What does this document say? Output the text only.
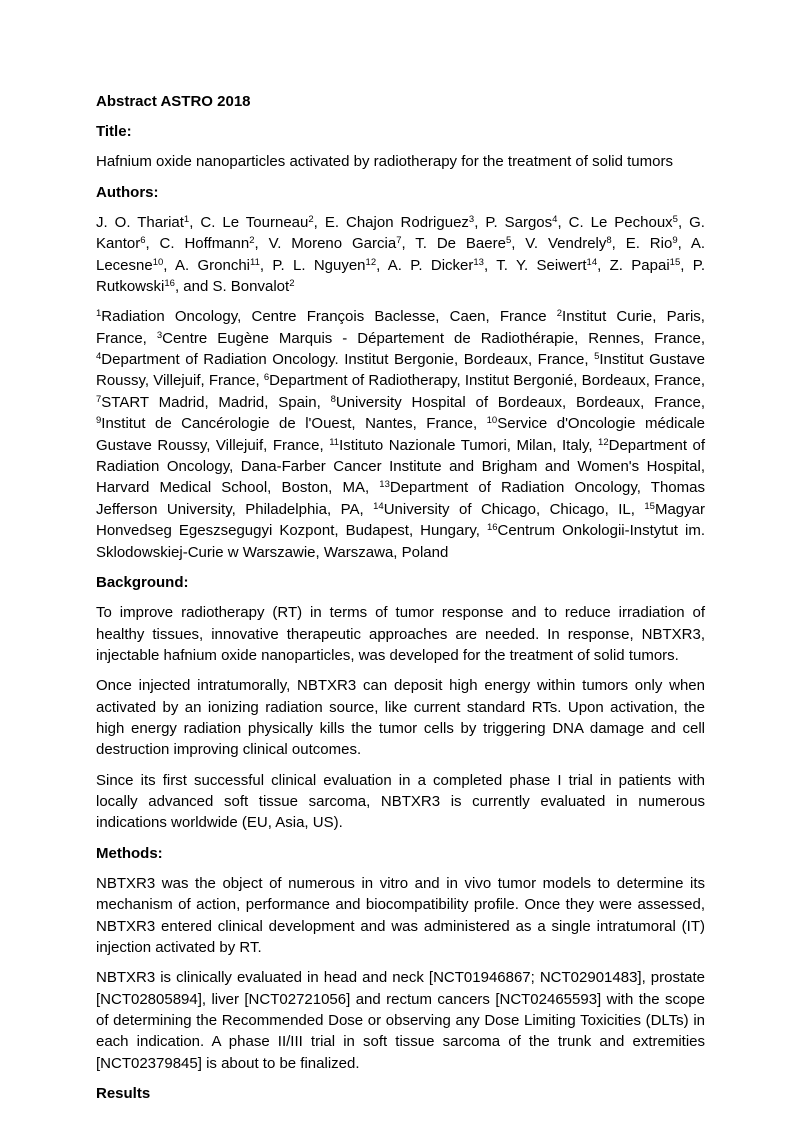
Abstract ASTRO 2018
Title:
Hafnium oxide nanoparticles activated by radiotherapy for the treatment of solid tumors
Authors:
J. O. Thariat$^1$, C. Le Tourneau$^2$, E. Chajon Rodriguez$^3$, P. Sargos$^4$, C. Le Pechoux$^5$, G. Kantor$^6$, C. Hoffmann$^2$, V. Moreno Garcia$^7$, T. De Baere$^5$, V. Vendrely$^8$, E. Rio$^9$, A. Lecesne$^{10}$, A. Gronchi$^{11}$, P. L. Nguyen$^{12}$, A. P. Dicker$^{13}$, T. Y. Seiwert$^{14}$, Z. Papai$^{15}$, P. Rutkowski$^{16}$, and S. Bonvalot$^2$
$^1$Radiation Oncology, Centre François Baclesse, Caen, France $^2$Institut Curie, Paris, France, $^3$Centre Eugène Marquis - Département de Radiothérapie, Rennes, France, $^4$Department of Radiation Oncology. Institut Bergonie, Bordeaux, France, $^5$Institut Gustave Roussy, Villejuif, France, $^6$Department of Radiotherapy, Institut Bergonié, Bordeaux, France, $^7$START Madrid, Madrid, Spain, $^8$University Hospital of Bordeaux, Bordeaux, France, $^9$Institut de Cancérologie de l'Ouest, Nantes, France, $^{10}$Service d'Oncologie médicale Gustave Roussy, Villejuif, France, $^{11}$Istituto Nazionale Tumori, Milan, Italy, $^{12}$Department of Radiation Oncology, Dana-Farber Cancer Institute and Brigham and Women's Hospital, Harvard Medical School, Boston, MA, $^{13}$Department of Radiation Oncology, Thomas Jefferson University, Philadelphia, PA, $^{14}$University of Chicago, Chicago, IL, $^{15}$Magyar Honvedseg Egeszsegugyi Kozpont, Budapest, Hungary, $^{16}$Centrum Onkologii-Instytut im. Sklodowskiej-Curie w Warszawie, Warszawa, Poland
Background:
To improve radiotherapy (RT) in terms of tumor response and to reduce irradiation of healthy tissues, innovative therapeutic approaches are needed. In response, NBTXR3, injectable hafnium oxide nanoparticles, was developed for the treatment of solid tumors.
Once injected intratumorally, NBTXR3 can deposit high energy within tumors only when activated by an ionizing radiation source, like current standard RTs. Upon activation, the high energy radiation physically kills the tumor cells by triggering DNA damage and cell destruction improving clinical outcomes.
Since its first successful clinical evaluation in a completed phase I trial in patients with locally advanced soft tissue sarcoma, NBTXR3 is currently evaluated in numerous indications worldwide (EU, Asia, US).
Methods:
NBTXR3 was the object of numerous in vitro and in vivo tumor models to determine its mechanism of action, performance and biocompatibility profile. Once they were assessed, NBTXR3 entered clinical development and was administered as a single intratumoral (IT) injection activated by RT.
NBTXR3 is clinically evaluated in head and neck [NCT01946867; NCT02901483], prostate [NCT02805894], liver [NCT02721056] and rectum cancers [NCT02465593] with the scope of determining the Recommended Dose or observing any Dose Limiting Toxicities (DLTs) in each indication. A phase II/III trial in soft tissue sarcoma of the trunk and extremities [NCT02379845] is about to be finalized.
Results
